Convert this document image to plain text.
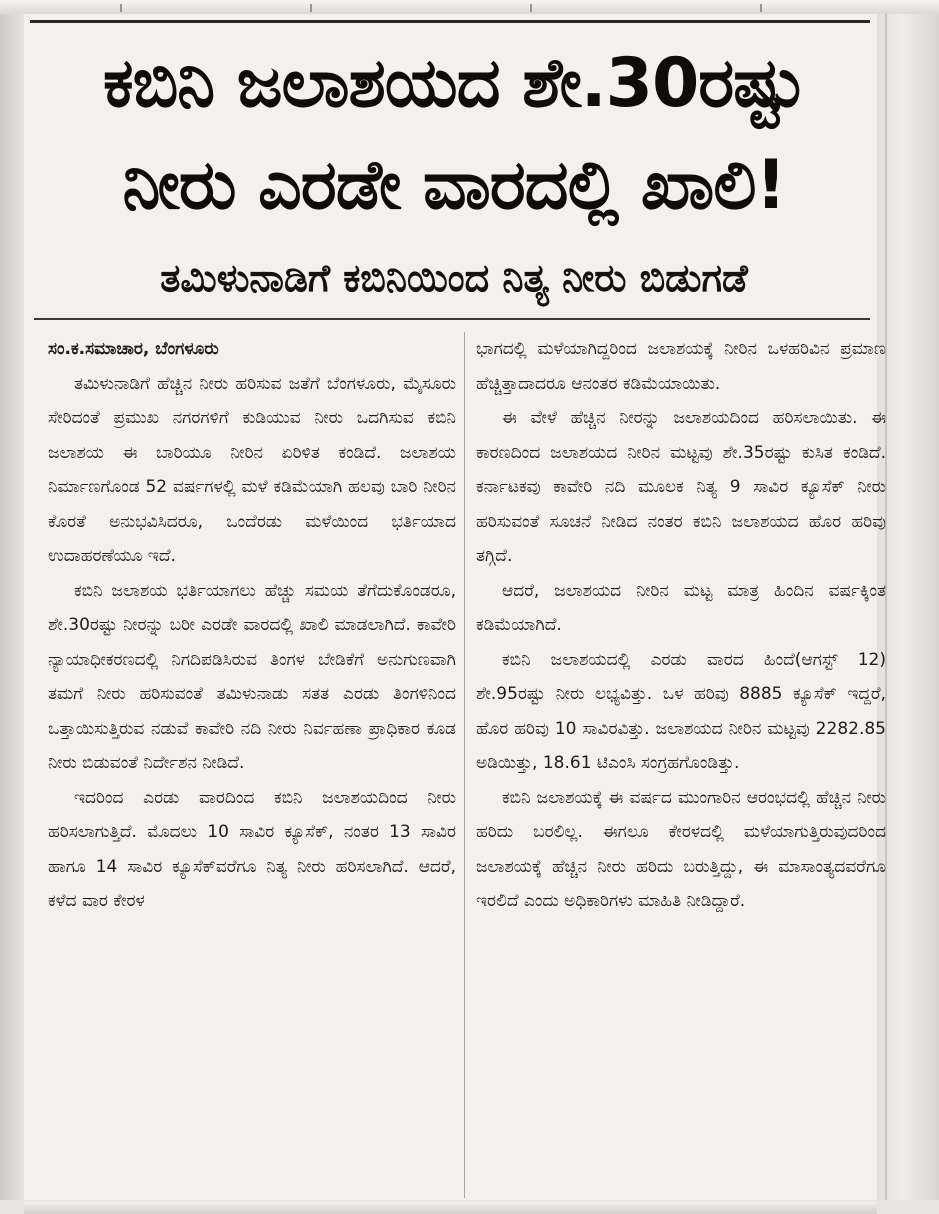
ಕಬಿನಿ ಜಲಾಶಯದ ಶೇ.30ರಷ್ಟು
ನೀರು ಎರಡೇ ವಾರದಲ್ಲಿ ಖಾಲಿ!
ತಮಿಳುನಾಡಿಗೆ ಕಬಿನಿಯಿಂದ ನಿತ್ಯ ನೀರು ಬಿಡುಗಡೆ

ಸಂ.ಕ.ಸಮಾಚಾರ, ಬೆಂಗಳೂರು

ತಮಿಳುನಾಡಿಗೆ ಹೆಚ್ಚಿನ ನೀರು ಹರಿಸುವ ಜತೆಗೆ ಬೆಂಗಳೂರು, ಮೈಸೂರು ಸೇರಿದಂತೆ ಪ್ರಮುಖ ನಗರಗಳಿಗೆ ಕುಡಿಯುವ ನೀರು ಒದಗಿಸುವ ಕಬಿನಿ ಜಲಾಶಯ ಈ ಬಾರಿಯೂ ನೀರಿನ ಏರಿಳಿತ ಕಂಡಿದೆ. ಜಲಾಶಯ ನಿರ್ಮಾಣಗೊಂಡ 52 ವರ್ಷಗಳಲ್ಲಿ ಮಳೆ ಕಡಿಮೆಯಾಗಿ ಹಲವು ಬಾರಿ ನೀರಿನ ಕೊರತೆ ಅನುಭವಿಸಿದರೂ, ಒಂದೆರಡು ಮಳೆಯಿಂದ ಭರ್ತಿಯಾದ ಉದಾಹರಣೆಯೂ ಇದೆ.

ಕಬಿನಿ ಜಲಾಶಯ ಭರ್ತಿಯಾಗಲು ಹೆಚ್ಚು ಸಮಯ ತೆಗೆದುಕೊಂಡರೂ, ಶೇ.30ರಷ್ಟು ನೀರನ್ನು ಬರೀ ಎರಡೇ ವಾರದಲ್ಲಿ ಖಾಲಿ ಮಾಡಲಾಗಿದೆ. ಕಾವೇರಿ ನ್ಯಾಯಾಧೀಕರಣದಲ್ಲಿ ನಿಗದಿಪಡಿಸಿರುವ ತಿಂಗಳ ಬೇಡಿಕೆಗೆ ಅನುಗುಣವಾಗಿ ತಮಗೆ ನೀರು ಹರಿಸುವಂತೆ ತಮಿಳುನಾಡು ಸತತ ಎರಡು ತಿಂಗಳಿನಿಂದ ಒತ್ತಾಯಿಸುತ್ತಿರುವ ನಡುವೆ ಕಾವೇರಿ ನದಿ ನೀರು ನಿರ್ವಹಣಾ ಪ್ರಾಧಿಕಾರ ಕೂಡ ನೀರು ಬಿಡುವಂತೆ ನಿರ್ದೇಶನ ನೀಡಿದೆ.

ಇದರಿಂದ ಎರಡು ವಾರದಿಂದ ಕಬಿನಿ ಜಲಾಶಯದಿಂದ ನೀರು ಹರಿಸಲಾಗುತ್ತಿದೆ. ಮೊದಲು 10 ಸಾವಿರ ಕ್ಯೂಸೆಕ್, ನಂತರ 13 ಸಾವಿರ ಹಾಗೂ 14 ಸಾವಿರ ಕ್ಯೂಸೆಕ್‌ವರೆಗೂ ನಿತ್ಯ ನೀರು ಹರಿಸಲಾಗಿದೆ. ಆದರೆ, ಕಳೆದ ವಾರ ಕೇರಳ

ಭಾಗದಲ್ಲಿ ಮಳೆಯಾಗಿದ್ದರಿಂದ ಜಲಾಶಯಕ್ಕೆ ನೀರಿನ ಒಳಹರಿವಿನ ಪ್ರಮಾಣ ಹೆಚ್ಚಿತ್ತಾದಾದರೂ ಆನಂತರ ಕಡಿಮೆಯಾಯಿತು.

ಈ ವೇಳೆ ಹೆಚ್ಚಿನ ನೀರನ್ನು ಜಲಾಶಯದಿಂದ ಹರಿಸಲಾಯಿತು. ಈ ಕಾರಣದಿಂದ ಜಲಾಶಯದ ನೀರಿನ ಮಟ್ಟವು ಶೇ.35ರಷ್ಟು ಕುಸಿತ ಕಂಡಿದೆ. ಕರ್ನಾಟಕವು ಕಾವೇರಿ ನದಿ ಮೂಲಕ ನಿತ್ಯ 9 ಸಾವಿರ ಕ್ಯೂಸೆಕ್ ನೀರು ಹರಿಸುವಂತೆ ಸೂಚನೆ ನೀಡಿದ ನಂತರ ಕಬಿನಿ ಜಲಾಶಯದ ಹೊರ ಹರಿವು ತಗ್ಗಿದೆ.

ಆದರೆ, ಜಲಾಶಯದ ನೀರಿನ ಮಟ್ಟ ಮಾತ್ರ ಹಿಂದಿನ ವರ್ಷಕ್ಕಿಂತ ಕಡಿಮೆಯಾಗಿದೆ.

ಕಬಿನಿ ಜಲಾಶಯದಲ್ಲಿ ಎರಡು ವಾರದ ಹಿಂದೆ(ಆಗಸ್ಟ್ 12) ಶೇ.95ರಷ್ಟು ನೀರು ಲಭ್ಯವಿತ್ತು. ಒಳ ಹರಿವು 8885 ಕ್ಯೂಸೆಕ್ ಇದ್ದರೆ, ಹೊರ ಹರಿವು 10 ಸಾವಿರವಿತ್ತು. ಜಲಾಶಯದ ನೀರಿನ ಮಟ್ಟವು 2282.85 ಅಡಿಯಿತ್ತು, 18.61 ಟಿಎಂಸಿ ಸಂಗ್ರಹಗೊಂಡಿತ್ತು.

ಕಬಿನಿ ಜಲಾಶಯಕ್ಕೆ ಈ ವರ್ಷದ ಮುಂಗಾರಿನ ಆರಂಭದಲ್ಲಿ ಹೆಚ್ಚಿನ ನೀರು ಹರಿದು ಬರಲಿಲ್ಲ. ಈಗಲೂ ಕೇರಳದಲ್ಲಿ ಮಳೆಯಾಗುತ್ತಿರುವುದರಿಂದ ಜಲಾಶಯಕ್ಕೆ ಹೆಚ್ಚಿನ ನೀರು ಹರಿದು ಬರುತ್ತಿದ್ದು, ಈ ಮಾಸಾಂತ್ಯದವರೆಗೂ ಇರಲಿದೆ ಎಂದು ಅಧಿಕಾರಿಗಳು ಮಾಹಿತಿ ನೀಡಿದ್ದಾರೆ.
